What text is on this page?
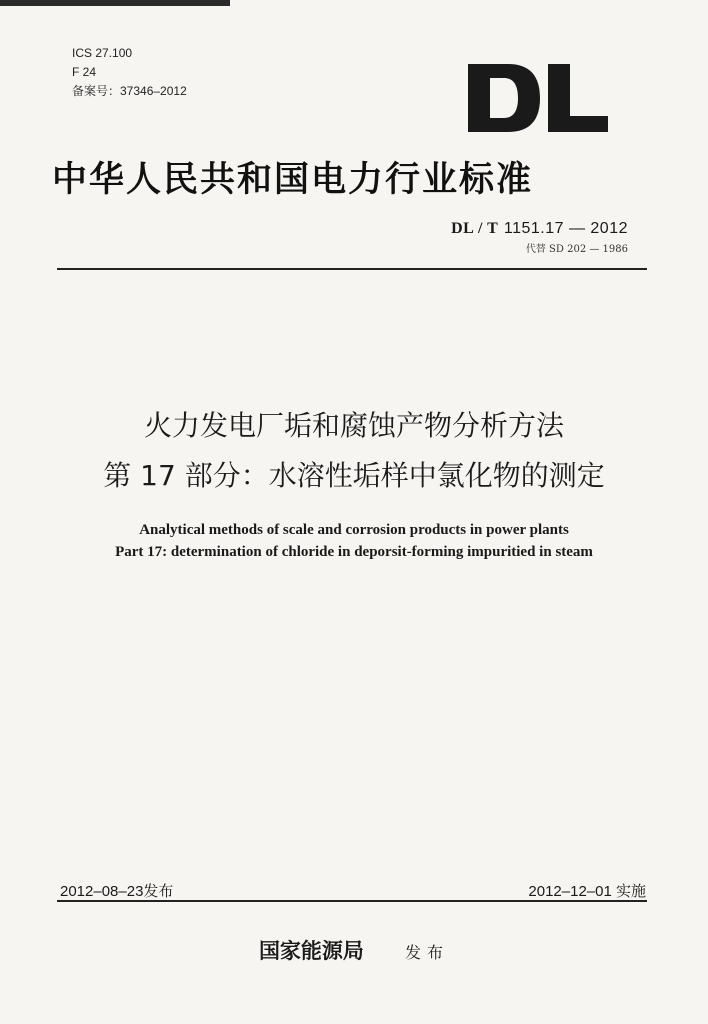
ICS 27.100
F 24
备案号：37346–2012
中华人民共和国电力行业标准
DL / T 1151.17 — 2012
代替 SD 202 — 1986
火力发电厂垢和腐蚀产物分析方法
第 17 部分：水溶性垢样中氯化物的测定
Analytical methods of scale and corrosion products in power plants
Part 17: determination of chloride in deporsit-forming impuritied in steam
2012–08–23发布	2012–12–01 实施
国家能源局	发布
